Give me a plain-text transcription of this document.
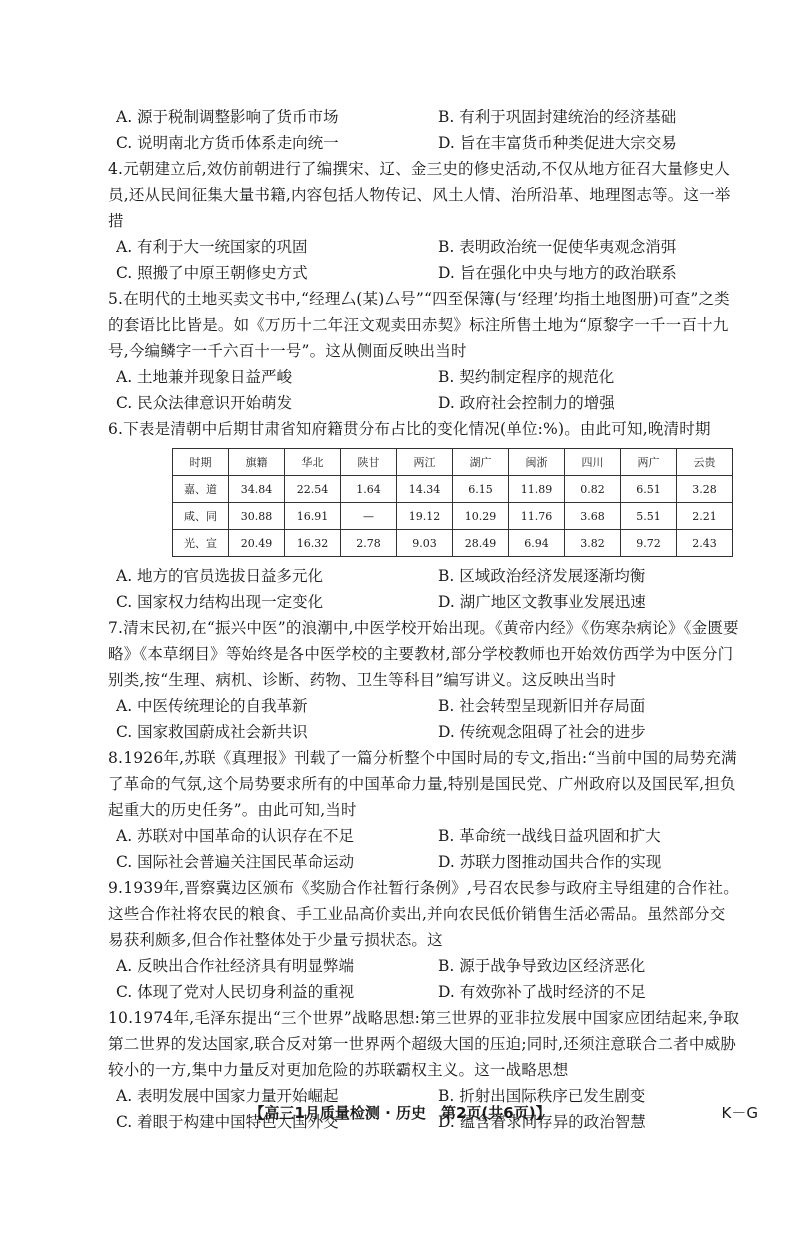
A. 源于税制调整影响了货币市场	B. 有利于巩固封建统治的经济基础
C. 说明南北方货币体系走向统一	D. 旨在丰富货币种类促进大宗交易

4.元朝建立后,效仿前朝进行了编撰宋、辽、金三史的修史活动,不仅从地方征召大量修史人员,还从民间征集大量书籍,内容包括人物传记、风土人情、治所沿革、地理图志等。这一举措

A. 有利于大一统国家的巩固	B. 表明政治统一促使华夷观念消弭
C. 照搬了中原王朝修史方式	D. 旨在强化中央与地方的政治联系

5.在明代的土地买卖文书中,“经理厶(某)厶号”“四至保簿(与‘经理’均指土地图册)可查”之类的套语比比皆是。如《万历十二年汪文观卖田赤契》标注所售土地为“原黎字一千一百十九号,今编鳞字一千六百十一号”。这从侧面反映出当时

A. 土地兼并现象日益严峻	B. 契约制定程序的规范化
C. 民众法律意识开始萌发	D. 政府社会控制力的增强

6.下表是清朝中后期甘肃省知府籍贯分布占比的变化情况(单位:%)。由此可知,晚清时期

时期	旗籍	华北	陕甘	两江	湖广	闽浙	四川	两广	云贵
嘉、道	34.84	22.54	1.64	14.34	6.15	11.89	0.82	6.51	3.28
咸、同	30.88	16.91	—	19.12	10.29	11.76	3.68	5.51	2.21
光、宣	20.49	16.32	2.78	9.03	28.49	6.94	3.82	9.72	2.43
A. 地方的官员选拔日益多元化	B. 区域政治经济发展逐渐均衡
C. 国家权力结构出现一定变化	D. 湖广地区文教事业发展迅速

7.清末民初,在“振兴中医”的浪潮中,中医学校开始出现。《黄帝内经》《伤寒杂病论》《金匮要略》《本草纲目》等始终是各中医学校的主要教材,部分学校教师也开始效仿西学为中医分门别类,按“生理、病机、诊断、药物、卫生等科目”编写讲义。这反映出当时

A. 中医传统理论的自我革新	B. 社会转型呈现新旧并存局面
C. 国家救国蔚成社会新共识	D. 传统观念阻碍了社会的进步

8.1926年,苏联《真理报》刊载了一篇分析整个中国时局的专文,指出:“当前中国的局势充满了革命的气氛,这个局势要求所有的中国革命力量,特别是国民党、广州政府以及国民军,担负起重大的历史任务”。由此可知,当时

A. 苏联对中国革命的认识存在不足	B. 革命统一战线日益巩固和扩大
C. 国际社会普遍关注国民革命运动	D. 苏联力图推动国共合作的实现

9.1939年,晋察冀边区颁布《奖励合作社暂行条例》,号召农民参与政府主导组建的合作社。这些合作社将农民的粮食、手工业品高价卖出,并向农民低价销售生活必需品。虽然部分交易获利颇多,但合作社整体处于少量亏损状态。这

A. 反映出合作社经济具有明显弊端	B. 源于战争导致边区经济恶化
C. 体现了党对人民切身利益的重视	D. 有效弥补了战时经济的不足

10.1974年,毛泽东提出“三个世界”战略思想:第三世界的亚非拉发展中国家应团结起来,争取第二世界的发达国家,联合反对第一世界两个超级大国的压迫;同时,还须注意联合二者中威胁较小的一方,集中力量反对更加危险的苏联霸权主义。这一战略思想

A. 表明发展中国家力量开始崛起	B. 折射出国际秩序已发生剧变
C. 着眼于构建中国特色大国外交	D. 蕴含着求同存异的政治智慧
【高三1月质量检测 · 历史　第2页(共6页)】	K－G
